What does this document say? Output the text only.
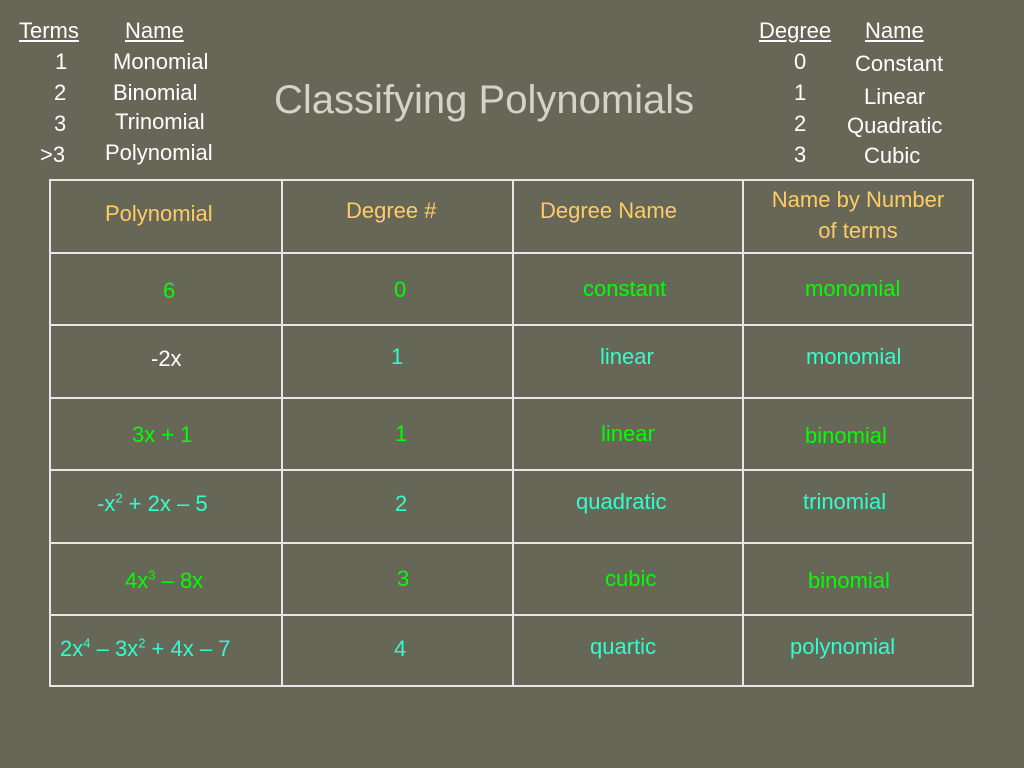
Terms Name
1 Monomial
2 Binomial
3 Trinomial
>3 Polynomial
Classifying Polynomials
Degree Name
0 Constant
1	Linear
2 Quadratic
3	Cubic
Polynomial	Degree #	Degree Name	Name by Number
of terms
6	0	constant	monomial
-2x	1	linear	monomial
3x + 1	1	linear	binomial
$-x^2 + 2x - 5$	2	quadratic	trinomial
$4x^3 - 8x$	3	cubic	binomial
$2x^4 - 3x^2 + 4x - 7$	4	quartic	polynomial
